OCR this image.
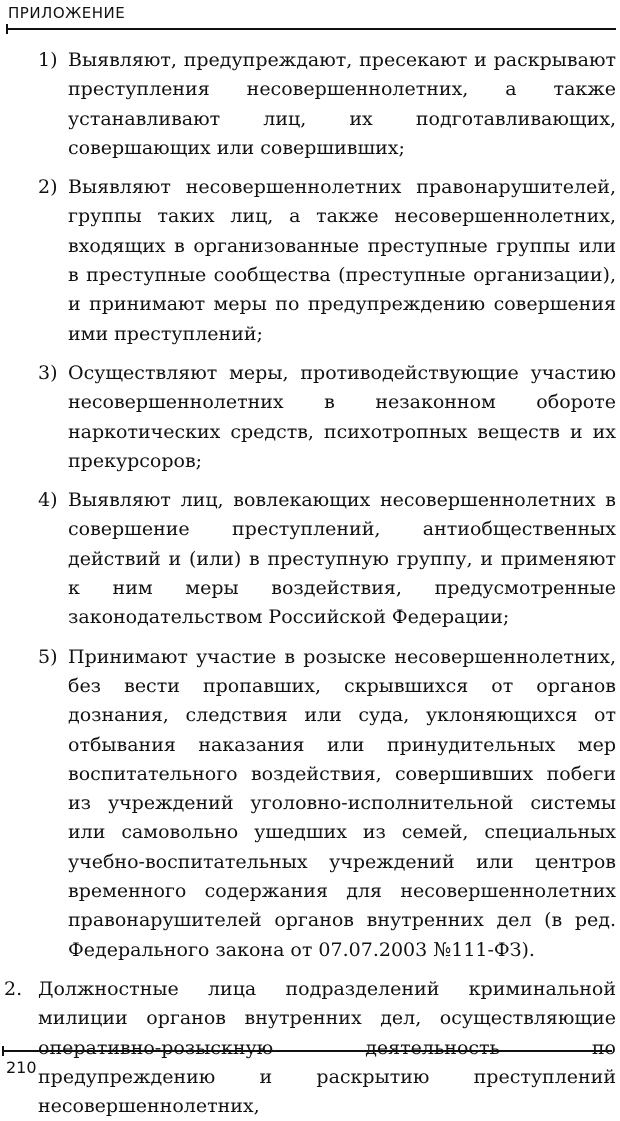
ПРИЛОЖЕНИЕ
1) Выявляют, предупреждают, пресекают и раскрывают преступления несовершеннолетних, а также устанавливают лиц, их подготавливающих, совершающих или совершивших;
2) Выявляют несовершеннолетних правонарушителей, группы таких лиц, а также несовершеннолетних, входящих в организованные преступные группы или в преступные сообщества (преступные организации), и принимают меры по предупреждению совершения ими преступлений;
3) Осуществляют меры, противодействующие участию несовершеннолетних в незаконном обороте наркотических средств, психотропных веществ и их прекурсоров;
4) Выявляют лиц, вовлекающих несовершеннолетних в совершение преступлений, антиобщественных действий и (или) в преступную группу, и применяют к ним меры воздействия, предусмотренные законодательством Российской Федерации;
5) Принимают участие в розыске несовершеннолетних, без вести пропавших, скрывшихся от органов дознания, следствия или суда, уклоняющихся от отбывания наказания или принудительных мер воспитательного воздействия, совершивших побеги из учреждений уголовно-исполнительной системы или самовольно ушедших из семей, специальных учебно-воспитательных учреждений или центров временного содержания для несовершеннолетних правонарушителей органов внутренних дел (в ред. Федерального закона от 07.07.2003 №111-ФЗ).
2. Должностные лица подразделений криминальной милиции органов внутренних дел, осуществляющие оперативно-розыскную деятельность по предупреждению и раскрытию преступлений несовершеннолетних,
210
